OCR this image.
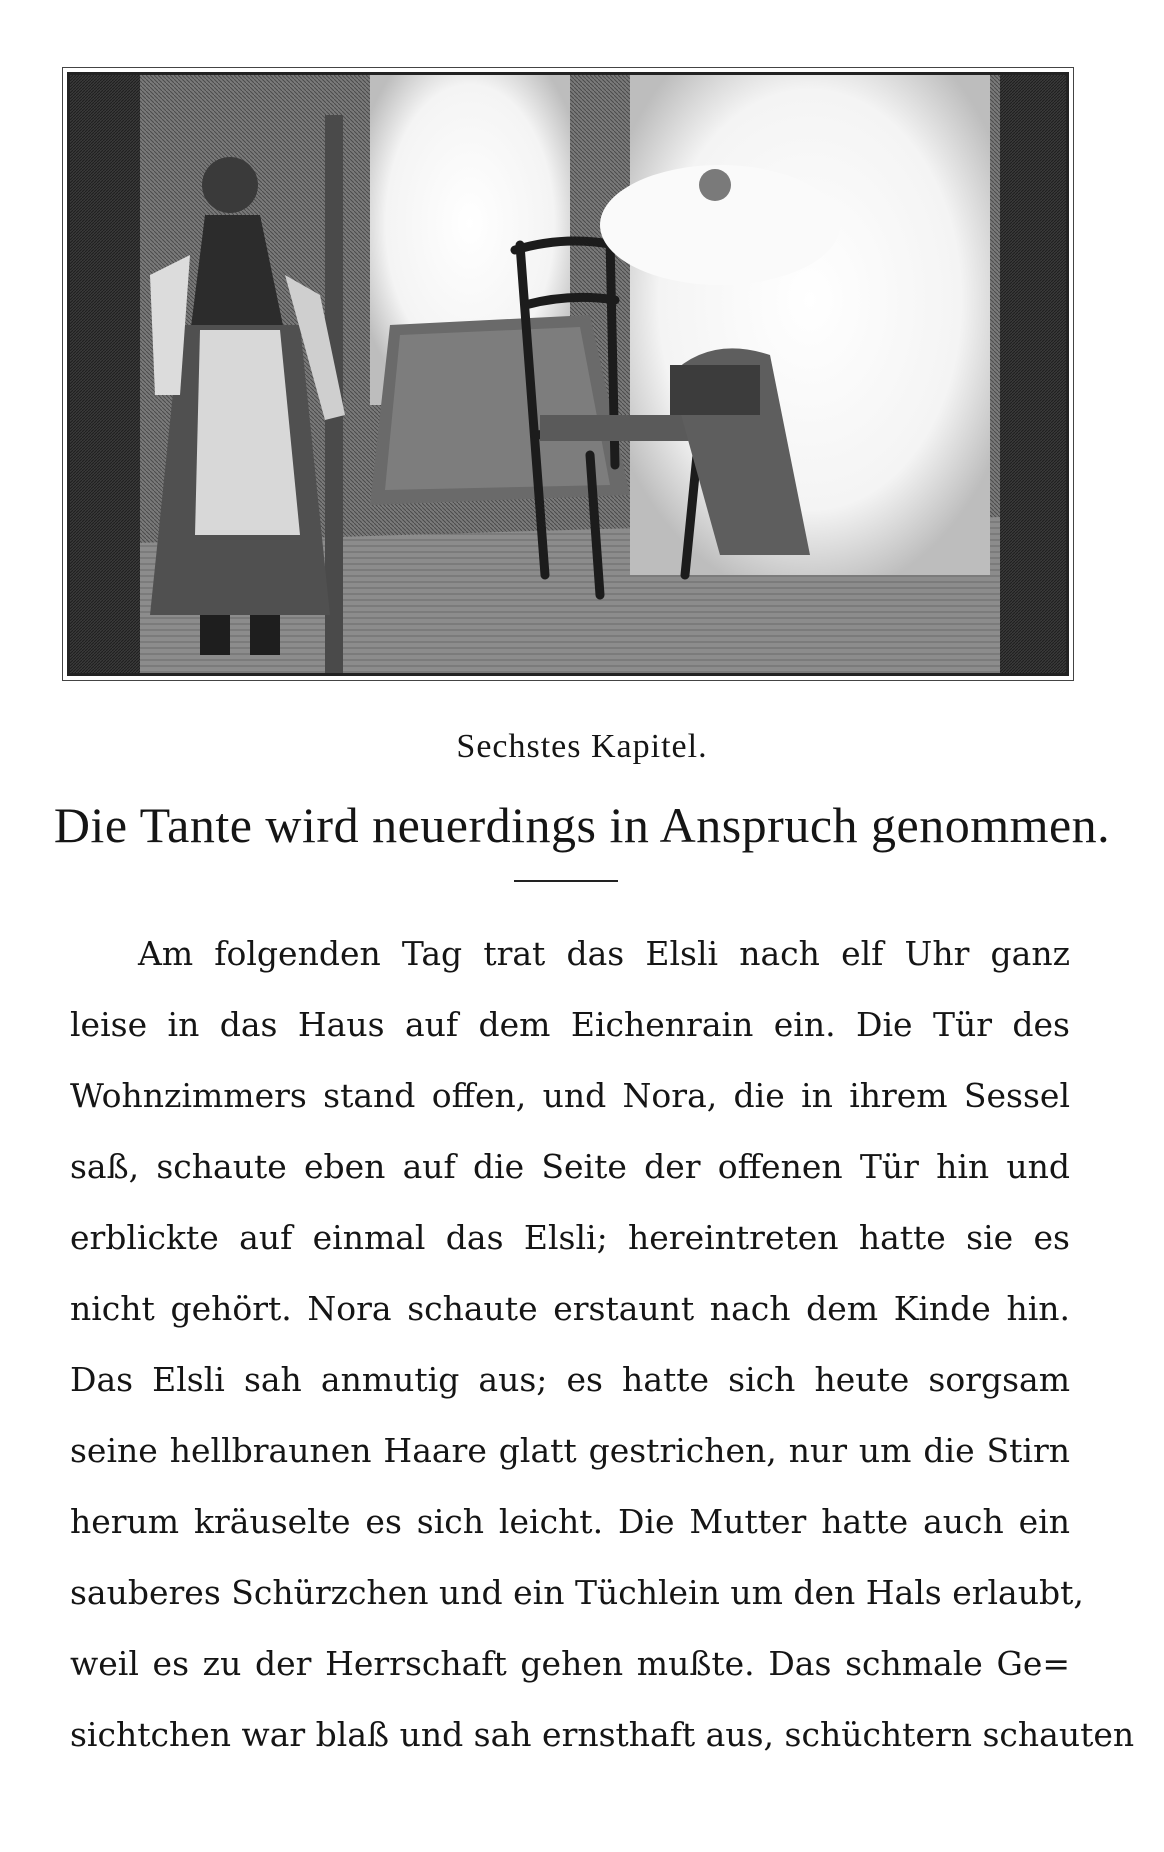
Sechstes Kapitel.
Die Tante wird neuerdings in Anspruch genommen.
Am folgenden Tag trat das Elsli nach elf Uhr ganz
leise in das Haus auf dem Eichenrain ein. Die Tür des
Wohnzimmers stand offen, und Nora, die in ihrem Sessel
saß, schaute eben auf die Seite der offenen Tür hin und
erblickte auf einmal das Elsli; hereintreten hatte sie es
nicht gehört. Nora schaute erstaunt nach dem Kinde hin.
Das Elsli sah anmutig aus; es hatte sich heute sorgsam
seine hellbraunen Haare glatt gestrichen, nur um die Stirn
herum kräuselte es sich leicht. Die Mutter hatte auch ein
sauberes Schürzchen und ein Tüchlein um den Hals erlaubt,
weil es zu der Herrschaft gehen mußte. Das schmale Ge=
sichtchen war blaß und sah ernsthaft aus, schüchtern schauten
